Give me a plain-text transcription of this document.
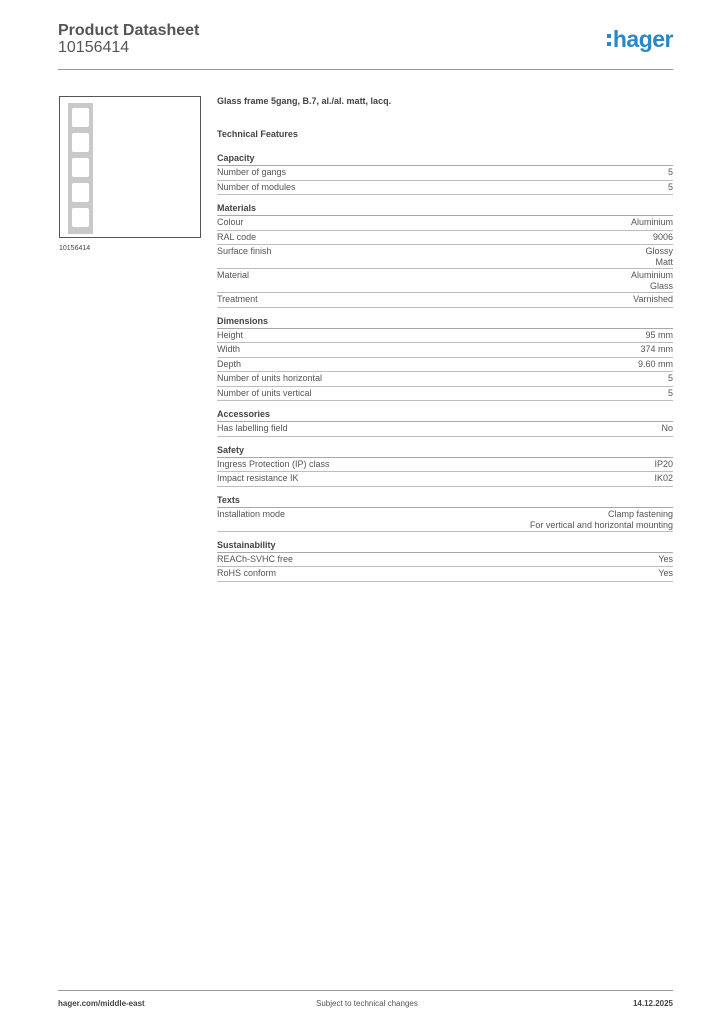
Product Datasheet
10156414	hager
10156414
Glass frame 5gang, B.7, al./al. matt, lacq.
Technical Features
Capacity
Number of gangs	5
Number of modules	5
Materials
Colour	Aluminium
RAL code	9006
Surface finish	Glossy
Matt
Material	Aluminium
Glass
Treatment	Varnished
Dimensions
Height	95 mm
Width	374 mm
Depth	9.60 mm
Number of units horizontal	5
Number of units vertical	5
Accessories
Has labelling field	No
Safety
Ingress Protection (IP) class	IP20
Impact resistance IK	IK02
Texts
Installation mode	Clamp fastening
For vertical and horizontal mounting
Sustainability
REACh-SVHC free	Yes
RoHS conform	Yes
hager.com/middle-east	Subject to technical changes	14.12.2025
